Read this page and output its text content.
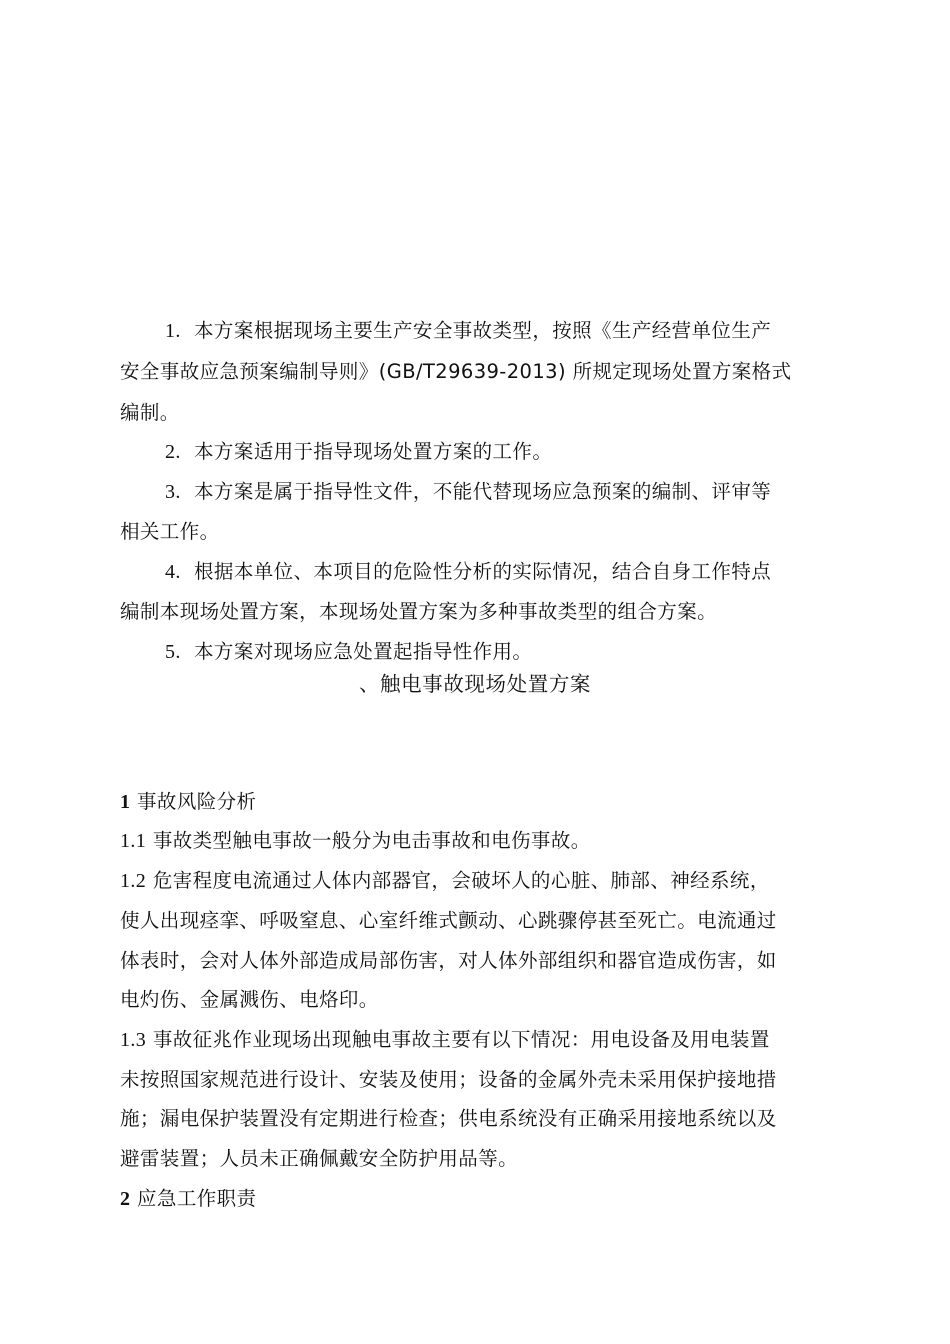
1. 本方案根据现场主要生产安全事故类型，按照《生产经营单位生产
安全事故应急预案编制导则》(GB/T29639-2013) 所规定现场处置方案格式
编制。
2. 本方案适用于指导现场处置方案的工作。
3. 本方案是属于指导性文件，不能代替现场应急预案的编制、评审等
相关工作。
4. 根据本单位、本项目的危险性分析的实际情况，结合自身工作特点
编制本现场处置方案，本现场处置方案为多种事故类型的组合方案。
5. 本方案对现场应急处置起指导性作用。
、触电事故现场处置方案
1 事故风险分析
1.1 事故类型触电事故一般分为电击事故和电伤事故。
1.2 危害程度电流通过人体内部器官，会破坏人的心脏、肺部、神经系统，
使人出现痉挛、呼吸窒息、心室纤维式颤动、心跳骤停甚至死亡。电流通过
体表时，会对人体外部造成局部伤害，对人体外部组织和器官造成伤害，如
电灼伤、金属溅伤、电烙印。
1.3 事故征兆作业现场出现触电事故主要有以下情况：用电设备及用电装置
未按照国家规范进行设计、安装及使用；设备的金属外壳未采用保护接地措
施；漏电保护装置没有定期进行检查；供电系统没有正确采用接地系统以及
避雷装置；人员未正确佩戴安全防护用品等。
2 应急工作职责
